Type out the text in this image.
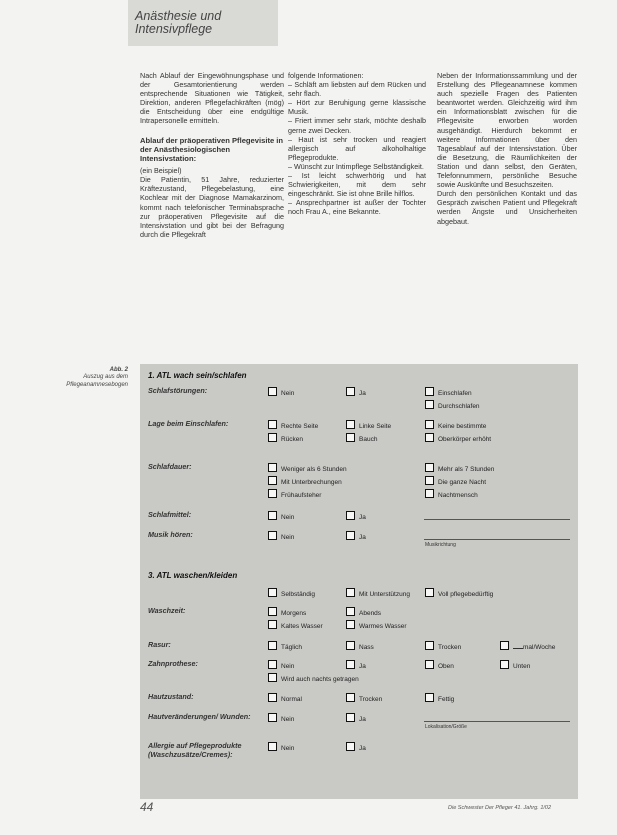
Anästhesie und
Intensivpflege

Nach Ablauf der Eingewöhnungsphase und der Gesamtorientierung werden entsprechende Situationen wie Tätigkeit, Direktion, anderen Pflegefachkräften (mög) die Entscheidung über eine endgültige Intrapersonelle ermitteln.

Ablauf der präoperativen Pflegevisite in der Anästhesiologischen Intensivstation:

(ein Beispiel)

Die Patientin, 51 Jahre, reduzierter Kräftezustand, Pflegebelastung, eine Kochlear mit der Diagnose Mamakarzinom, kommt nach telefonischer Terminabsprache zur präoperativen Pflegevisite auf die Intensivstation und gibt bei der Befragung durch die Pflegekraft

folgende Informationen:

– Schläft am liebsten auf dem Rücken und sehr flach.

– Hört zur Beruhigung gerne klassische Musik.

– Friert immer sehr stark, möchte deshalb gerne zwei Decken.

– Haut ist sehr trocken und reagiert allergisch auf alkoholhaltige Pflegeprodukte.

– Wünscht zur Intimpflege Selbständigkeit.

– Ist leicht schwerhörig und hat Schwierigkeiten, mit dem sehr eingeschränkt. Sie ist ohne Brille hilflos.

– Ansprechpartner ist außer der Tochter noch Frau A., eine Bekannte.

Neben der Informationssammlung und der Erstellung des Pflegeanamnese kommen auch spezielle Fragen des Patienten beantwortet werden. Gleichzeitig wird ihm ein Informationsblatt zwischen für die Pflegevisite erworben worden ausgehändigt. Hierdurch bekommt er weitere Informationen über den Tagesablauf auf der Intensivstation. Über die Besetzung, die Räumlichkeiten der Station und dann selbst, den Geräten, Telefonnummern, persönliche Besuche sowie Auskünfte und Besuchszeiten.

Durch den persönlichen Kontakt und das Gespräch zwischen Patient und Pflegekraft werden Ängste und Unsicherheiten abgebaut.

Abb. 2
Auszug aus dem Pflegeanamnesebogen
1. ATL wach sein/schlafen
Schlafstörungen:	Nein	Ja	Einschlafen
Durchschlafen
Lage beim Einschlafen:	Rechte Seite	Linke Seite	Keine bestimmte
Rücken	Bauch	Oberkörper erhöht
Schlafdauer:	Weniger als 6 Stunden	Mehr als 7 Stunden
Mit Unterbrechungen	Die ganze Nacht
Frühaufsteher	Nachtmensch
Schlafmittel:	Nein	Ja
Musik hören:	Nein	Ja
Musikrichtung
3. ATL waschen/kleiden
Selbständig	Mit Unterstützung	Voll pflegebedürftig
Waschzeit:	Morgens	Abends
Kaltes Wasser	Warmes Wasser
Rasur:	Täglich	Nass	Trocken	mal/Woche
Zahnprothese:	Nein	Ja	Oben	Unten
Wird auch nachts getragen
Hautzustand:	Normal	Trocken	Fettig
Hautveränderungen/ Wunden:	Nein	Ja
Lokalisation/Größe
Allergie auf Pflegeprodukte (Waschzusätze/Cremes):
Nein	Ja
44	Die Schwester Der Pfleger 41. Jahrg. 1/02
